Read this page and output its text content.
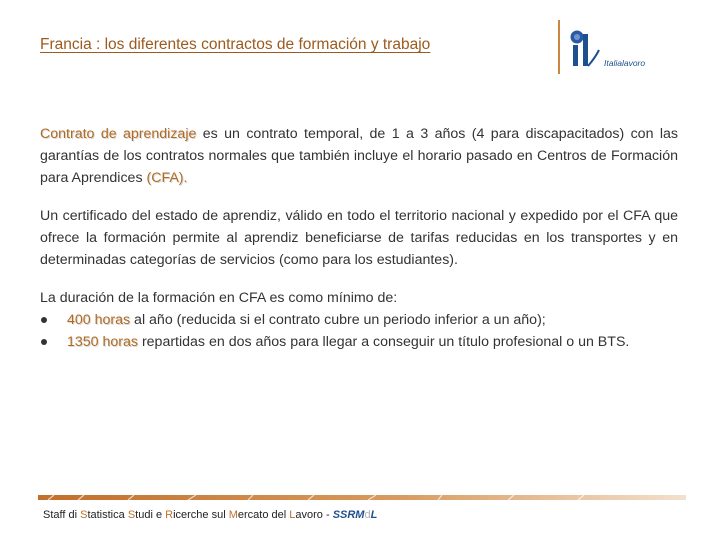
Francia : los diferentes contractos de formación y trabajo
Italialavoro

Contrato de aprendizaje es un contrato temporal, de 1 a 3 años (4 para discapacitados) con las garantías de los contratos normales que también incluye el horario pasado en Centros de Formación para Aprendices (CFA).

Un certificado del estado de aprendiz, válido en todo el territorio nacional y expedido por el CFA que ofrece la formación permite al aprendiz beneficiarse de tarifas reducidas en los transportes y en determinadas categorías de servicios (como para los estudiantes).

La duración de la formación en CFA es como mínimo de:

400 horas al año (reducida si el contrato cubre un periodo inferior a un año);
1350 horas repartidas en dos años para llegar a conseguir un título profesional o un BTS.
Staff di Statistica Studi e Ricerche sul Mercato del Lavoro - SSRMdL
